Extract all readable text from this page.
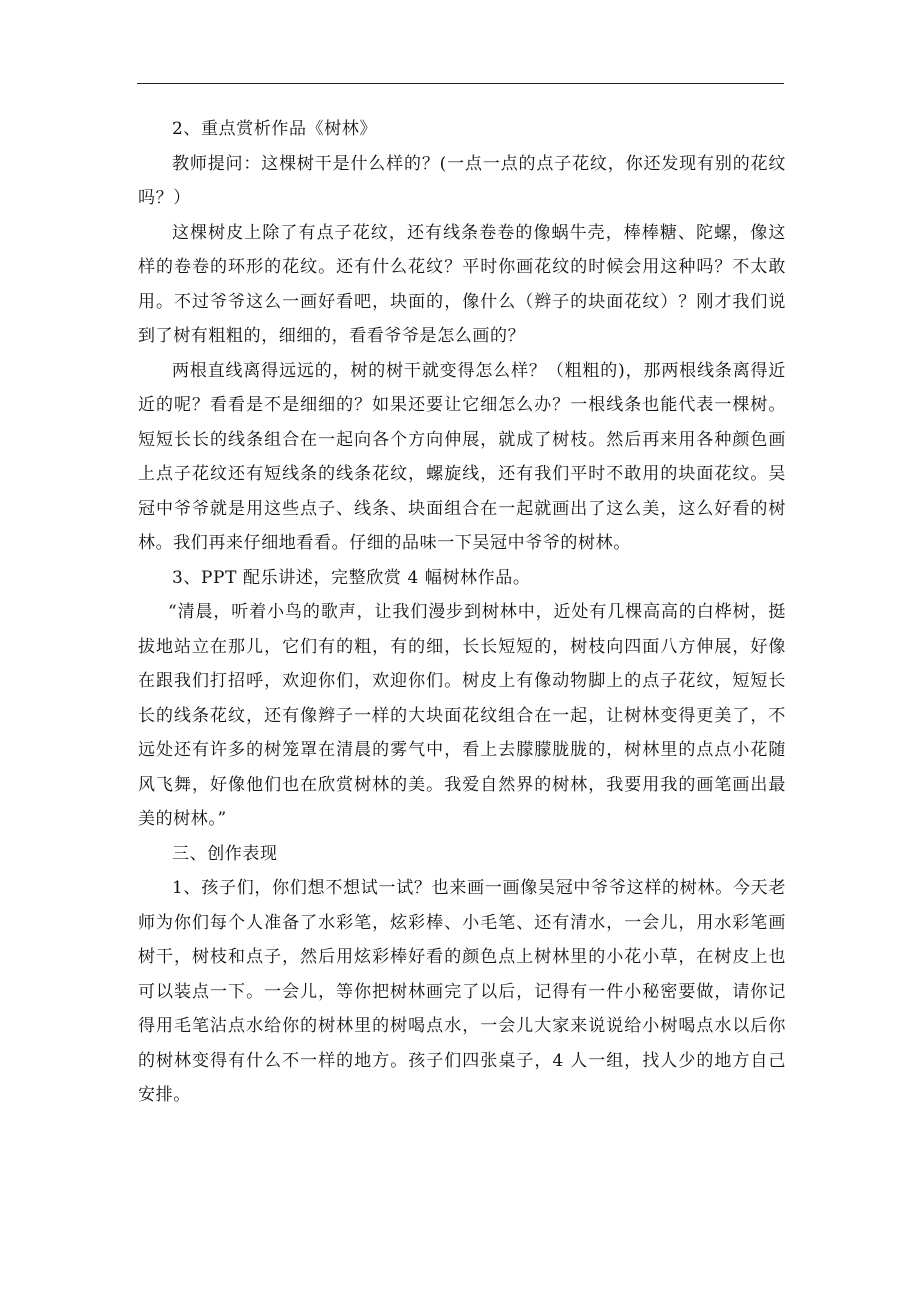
2、重点赏析作品《树林》

教师提问：这棵树干是什么样的？(一点一点的点子花纹，你还发现有别的花纹吗？）

这棵树皮上除了有点子花纹，还有线条卷卷的像蜗牛壳，棒棒糖、陀螺，像这样的卷卷的环形的花纹。还有什么花纹？平时你画花纹的时候会用这种吗？不太敢用。不过爷爷这么一画好看吧，块面的，像什么（辫子的块面花纹）？刚才我们说到了树有粗粗的，细细的，看看爷爷是怎么画的？

两根直线离得远远的，树的树干就变得怎么样？（粗粗的)，那两根线条离得近近的呢？看看是不是细细的？如果还要让它细怎么办？一根线条也能代表一棵树。短短长长的线条组合在一起向各个方向伸展，就成了树枝。然后再来用各种颜色画上点子花纹还有短线条的线条花纹，螺旋线，还有我们平时不敢用的块面花纹。吴冠中爷爷就是用这些点子、线条、块面组合在一起就画出了这么美，这么好看的树林。我们再来仔细地看看。仔细的品味一下吴冠中爷爷的树林。

3、PPT 配乐讲述，完整欣赏 4 幅树林作品。

“清晨，听着小鸟的歌声，让我们漫步到树林中，近处有几棵高高的白桦树，挺拔地站立在那儿，它们有的粗，有的细，长长短短的，树枝向四面八方伸展，好像在跟我们打招呼，欢迎你们，欢迎你们。树皮上有像动物脚上的点子花纹，短短长长的线条花纹，还有像辫子一样的大块面花纹组合在一起，让树林变得更美了，不远处还有许多的树笼罩在清晨的雾气中，看上去朦朦胧胧的，树林里的点点小花随风飞舞，好像他们也在欣赏树林的美。我爱自然界的树林，我要用我的画笔画出最美的树林。”

三、创作表现

1、孩子们，你们想不想试一试？也来画一画像吴冠中爷爷这样的树林。今天老师为你们每个人准备了水彩笔，炫彩棒、小毛笔、还有清水，一会儿，用水彩笔画树干，树枝和点子，然后用炫彩棒好看的颜色点上树林里的小花小草，在树皮上也可以装点一下。一会儿，等你把树林画完了以后，记得有一件小秘密要做，请你记得用毛笔沾点水给你的树林里的树喝点水，一会儿大家来说说给小树喝点水以后你的树林变得有什么不一样的地方。孩子们四张桌子，4 人一组，找人少的地方自己安排。
